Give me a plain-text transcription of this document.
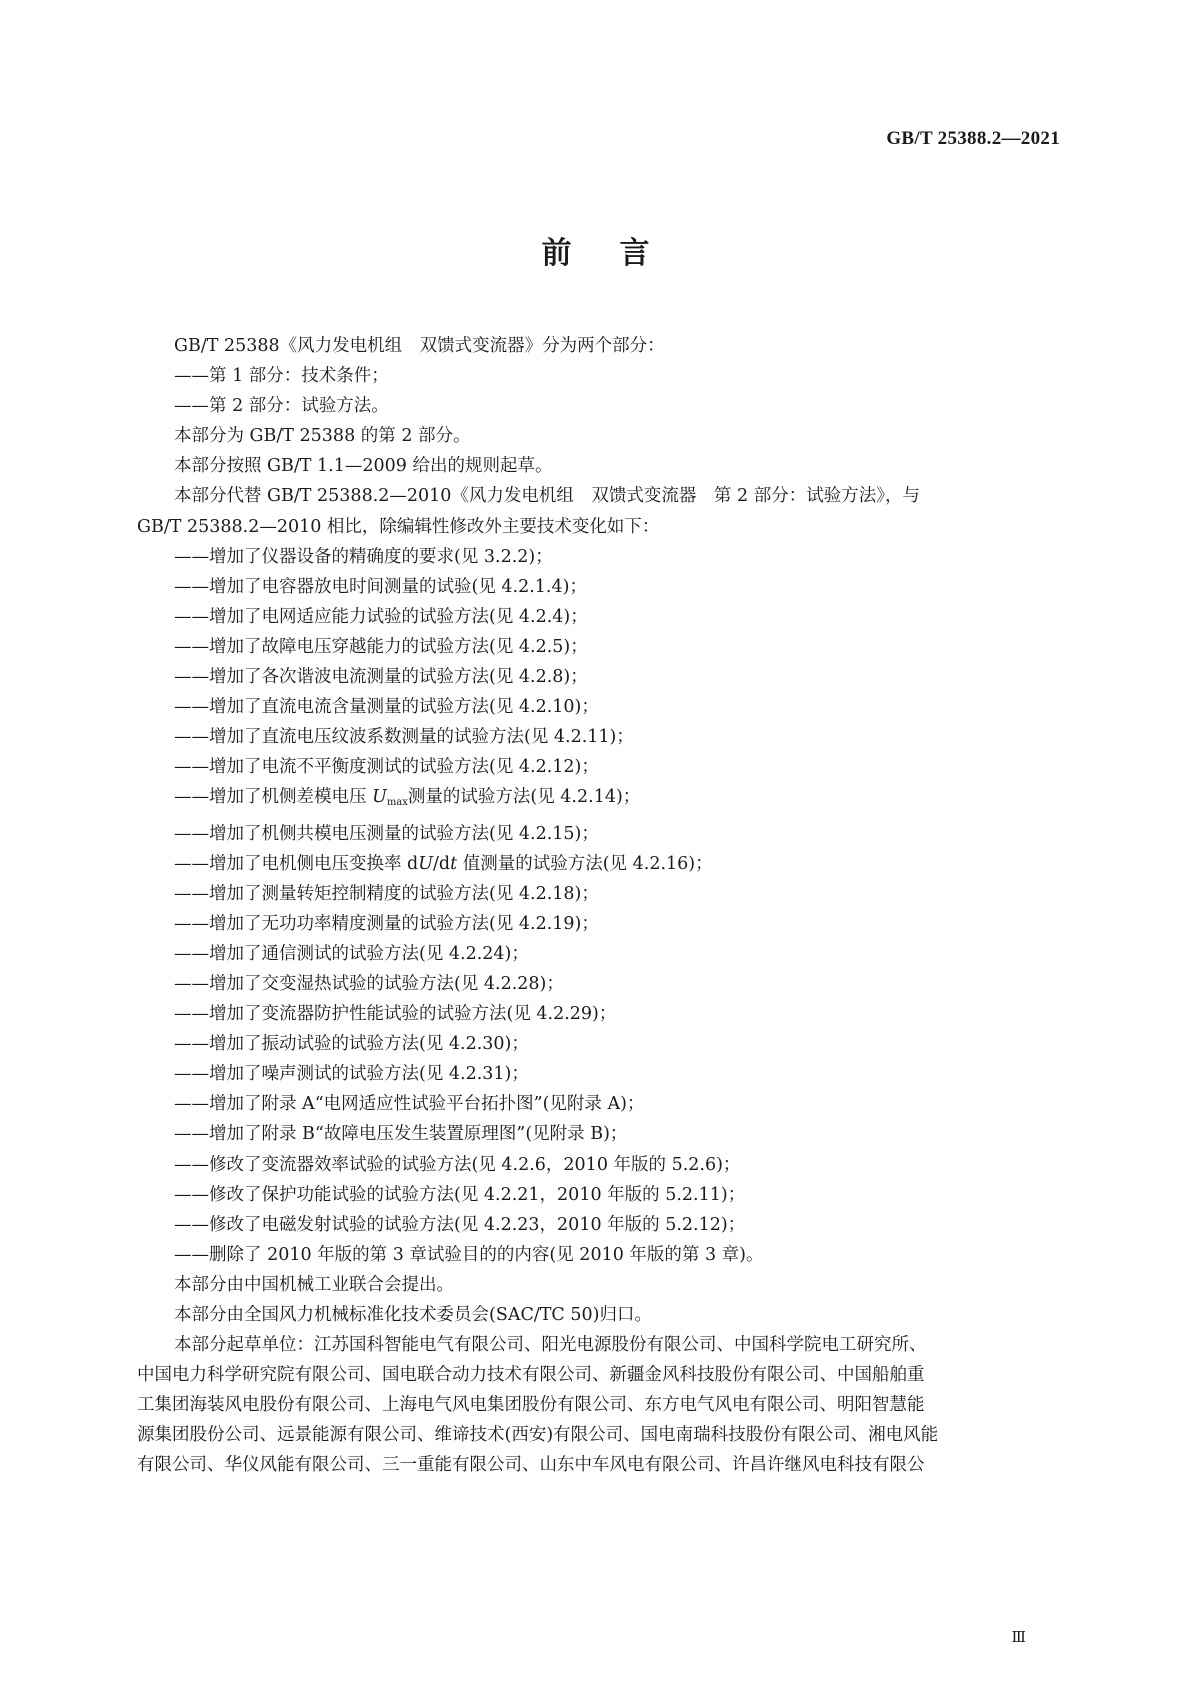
GB/T 25388.2—2021
前言

GB/T 25388《风力发电机组　双馈式变流器》分为两个部分：

——第 1 部分：技术条件；

——第 2 部分：试验方法。

本部分为 GB/T 25388 的第 2 部分。

本部分按照 GB/T 1.1—2009 给出的规则起草。

本部分代替 GB/T 25388.2—2010《风力发电机组　双馈式变流器　第 2 部分：试验方法》，与
GB/T 25388.2—2010 相比，除编辑性修改外主要技术变化如下：

——增加了仪器设备的精确度的要求(见 3.2.2)；

——增加了电容器放电时间测量的试验(见 4.2.1.4)；

——增加了电网适应能力试验的试验方法(见 4.2.4)；

——增加了故障电压穿越能力的试验方法(见 4.2.5)；

——增加了各次谐波电流测量的试验方法(见 4.2.8)；

——增加了直流电流含量测量的试验方法(见 4.2.10)；

——增加了直流电压纹波系数测量的试验方法(见 4.2.11)；

——增加了电流不平衡度测试的试验方法(见 4.2.12)；

——增加了机侧差模电压 $U_{max}$测量的试验方法(见 4.2.14)；

——增加了机侧共模电压测量的试验方法(见 4.2.15)；

——增加了电机侧电压变换率 dU/dt 值测量的试验方法(见 4.2.16)；

——增加了测量转矩控制精度的试验方法(见 4.2.18)；

——增加了无功功率精度测量的试验方法(见 4.2.19)；

——增加了通信测试的试验方法(见 4.2.24)；

——增加了交变湿热试验的试验方法(见 4.2.28)；

——增加了变流器防护性能试验的试验方法(见 4.2.29)；

——增加了振动试验的试验方法(见 4.2.30)；

——增加了噪声测试的试验方法(见 4.2.31)；

——增加了附录 A“电网适应性试验平台拓扑图”(见附录 A)；

——增加了附录 B“故障电压发生装置原理图”(见附录 B)；

——修改了变流器效率试验的试验方法(见 4.2.6，2010 年版的 5.2.6)；

——修改了保护功能试验的试验方法(见 4.2.21，2010 年版的 5.2.11)；

——修改了电磁发射试验的试验方法(见 4.2.23，2010 年版的 5.2.12)；

——删除了 2010 年版的第 3 章试验目的的内容(见 2010 年版的第 3 章)。

本部分由中国机械工业联合会提出。

本部分由全国风力机械标准化技术委员会(SAC/TC 50)归口。

本部分起草单位：江苏国科智能电气有限公司、阳光电源股份有限公司、中国科学院电工研究所、
中国电力科学研究院有限公司、国电联合动力技术有限公司、新疆金风科技股份有限公司、中国船舶重
工集团海装风电股份有限公司、上海电气风电集团股份有限公司、东方电气风电有限公司、明阳智慧能
源集团股份公司、远景能源有限公司、维谛技术(西安)有限公司、国电南瑞科技股份有限公司、湘电风能
有限公司、华仪风能有限公司、三一重能有限公司、山东中车风电有限公司、许昌许继风电科技有限公
Ⅲ
